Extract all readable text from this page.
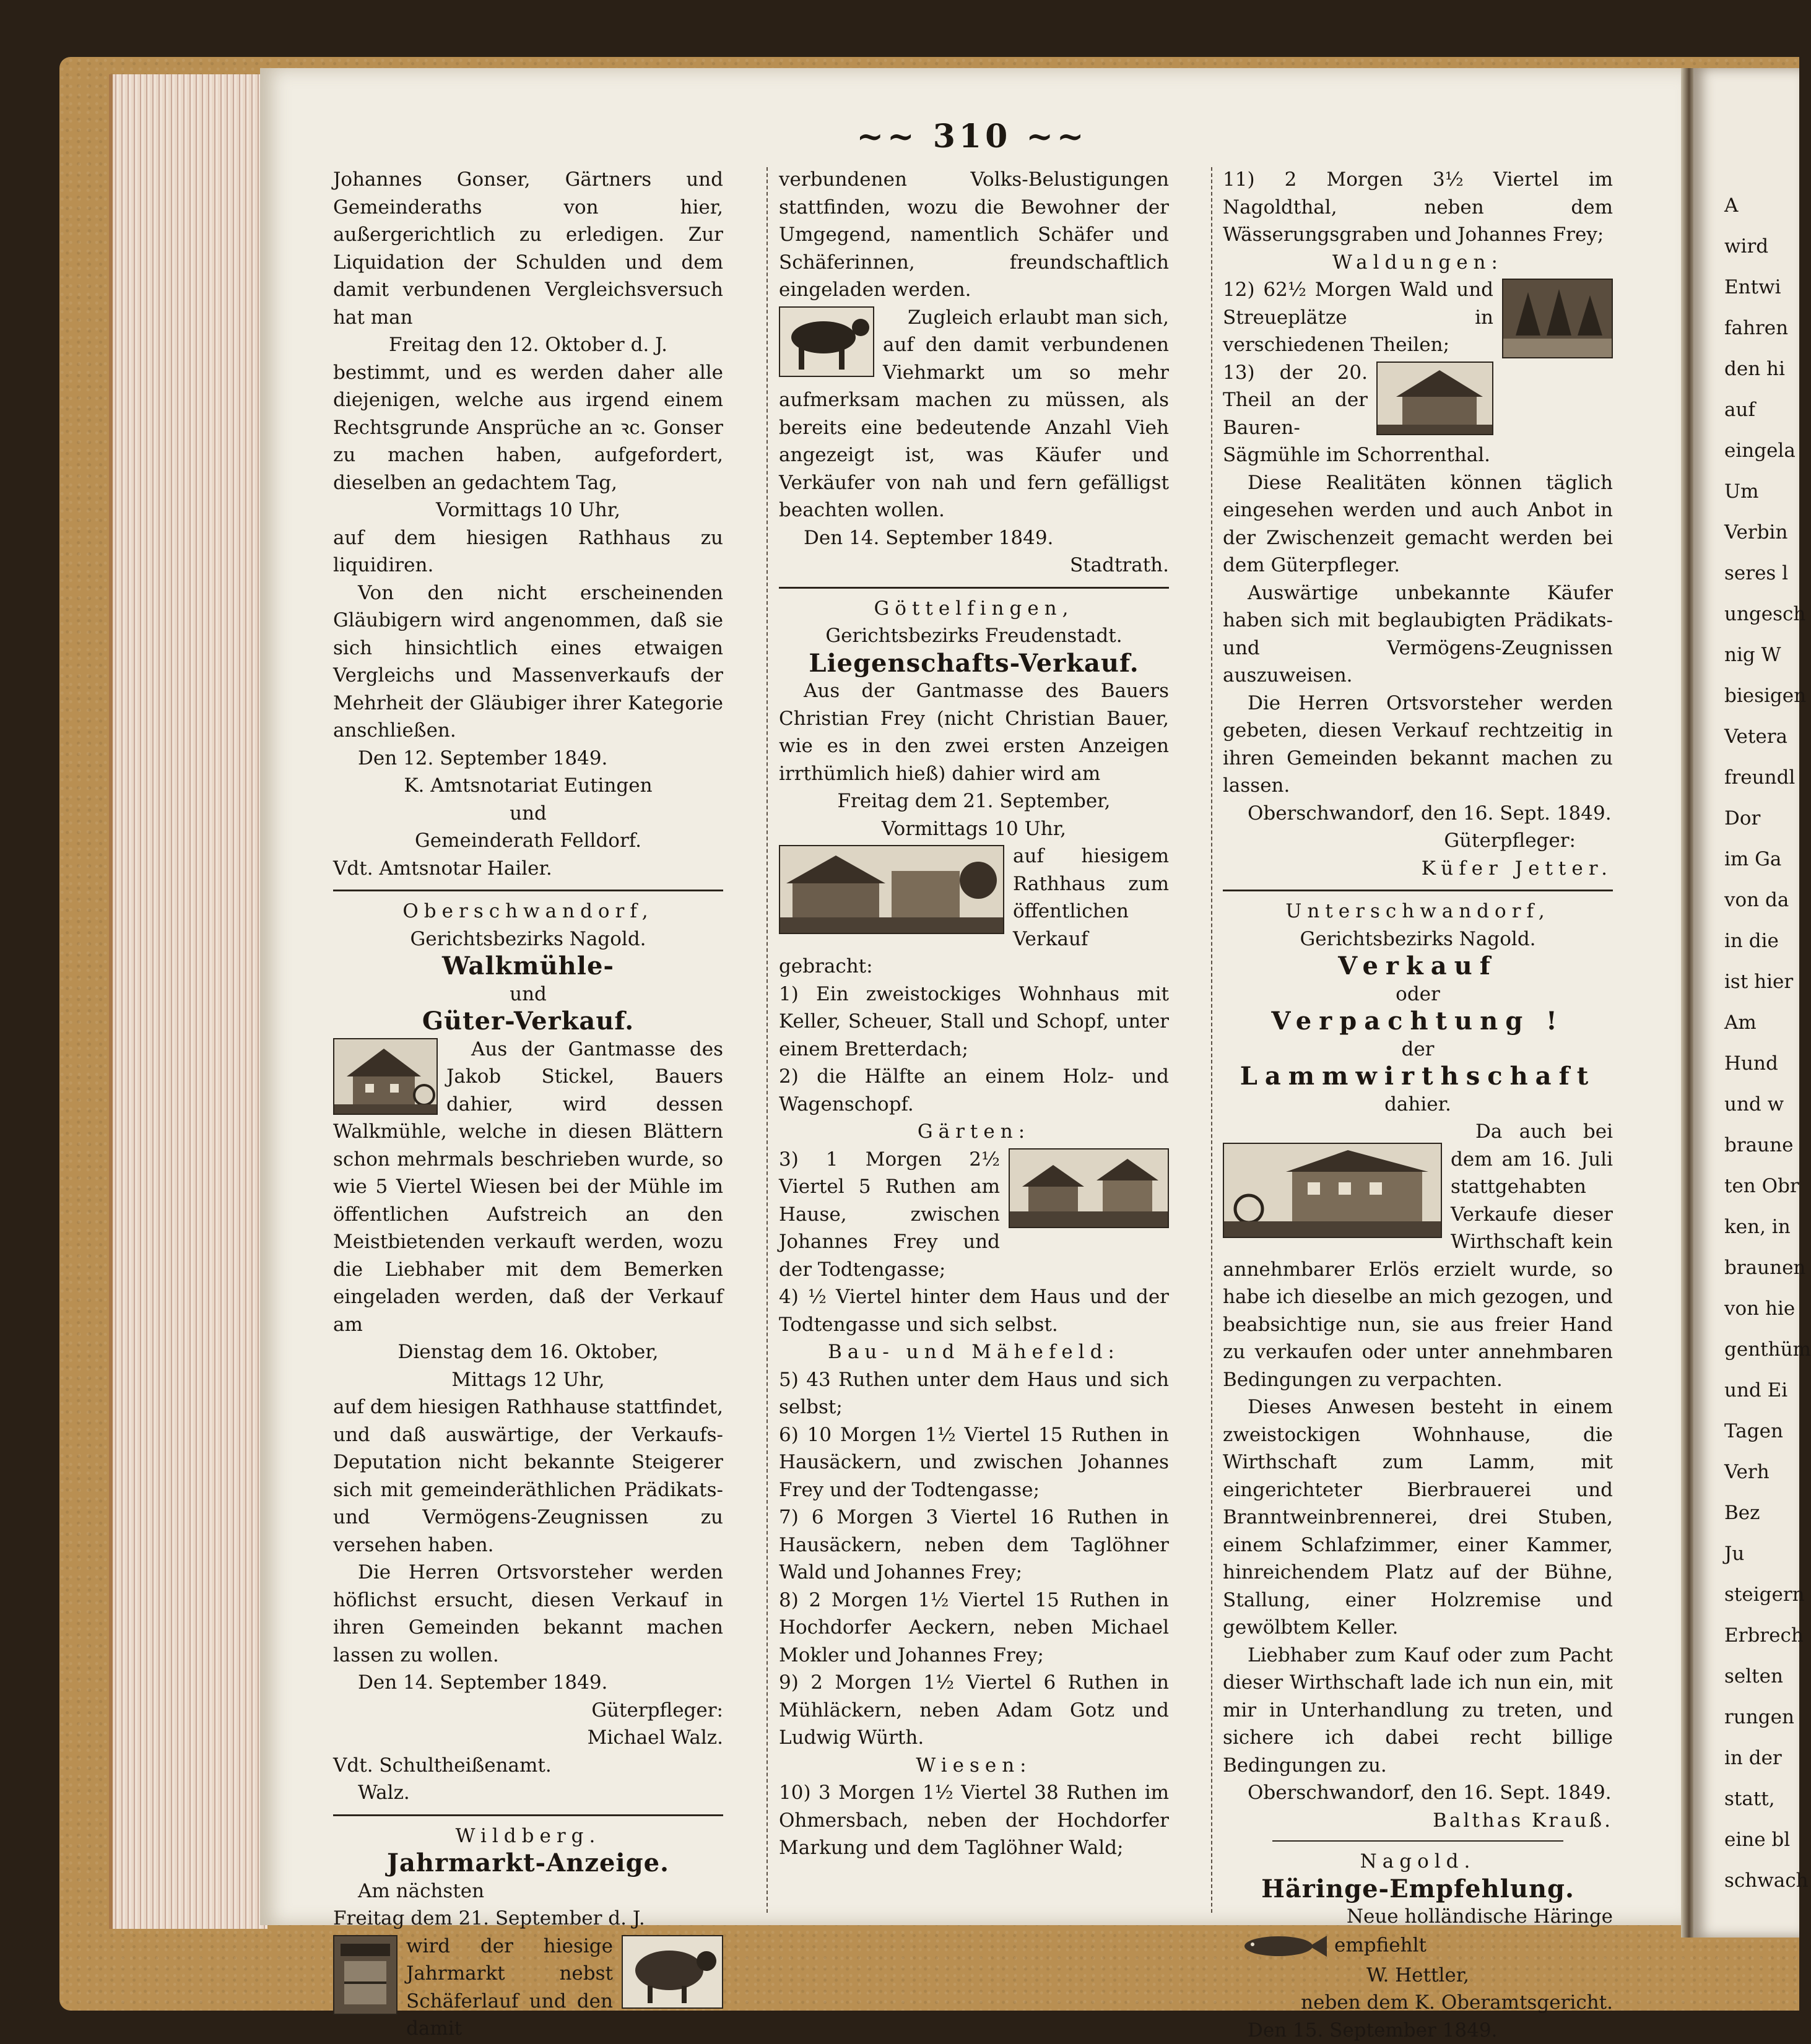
~~ 310 ~~

Johannes Gonser, Gärtners und Gemeinderaths von hier, außergerichtlich zu erledigen. Zur Liquidation der Schulden und dem damit verbundenen Vergleichsversuch hat man

Freitag den 12. Oktober d. J.

bestimmt, und es werden daher alle diejenigen, welche aus irgend einem Rechtsgrunde Ansprüche an ꝛc. Gonser zu machen haben, aufgefordert, dieselben an gedachtem Tag,

Vormittags 10 Uhr,

auf dem hiesigen Rathhaus zu liquidiren.

Von den nicht erscheinenden Gläubigern wird angenommen, daß sie sich hinsichtlich eines etwaigen Vergleichs und Massenverkaufs der Mehrheit der Gläubiger ihrer Kategorie anschließen.

Den 12. September 1849.

K. Amtsnotariat Eutingen
und
Gemeinderath Felldorf.

Vdt. Amtsnotar Hailer.

Oberschwandorf,
Gerichtsbezirks Nagold.
Walkmühle-
und
Güter-Verkauf.

Aus der Gantmasse des Jakob Stickel, Bauers dahier, wird dessen Walkmühle, welche in diesen Blättern schon mehrmals beschrieben wurde, so wie 5 Viertel Wiesen bei der Mühle im öffentlichen Aufstreich an den Meistbietenden verkauft werden, wozu die Liebhaber mit dem Bemerken eingeladen werden, daß der Verkauf am

Dienstag dem 16. Oktober,
Mittags 12 Uhr,

auf dem hiesigen Rathhause stattfindet, und daß auswärtige, der Verkaufs-Deputation nicht bekannte Steigerer sich mit gemeinderäthlichen Prädikats- und Vermögens-Zeugnissen zu versehen haben.

Die Herren Ortsvorsteher werden höflichst ersucht, diesen Verkauf in ihren Gemeinden bekannt machen lassen zu wollen.

Den 14. September 1849.

Güterpfleger:
Michael Walz.

Vdt. Schultheißenamt.

Walz.

Wildberg.
Jahrmarkt-Anzeige.

Am nächsten

Freitag dem 21. September d. J.

wird der hiesige Jahrmarkt nebst Schäferlauf und den damit

verbundenen Volks-Belustigungen stattfinden, wozu die Bewohner der Umgegend, namentlich Schäfer und Schäferinnen, freundschaftlich eingeladen werden.

Zugleich erlaubt man sich, auf den damit verbundenen Viehmarkt um so mehr aufmerksam machen zu müssen, als bereits eine bedeutende Anzahl Vieh angezeigt ist, was Käufer und Verkäufer von nah und fern gefälligst beachten wollen.

Den 14. September 1849.

Stadtrath.
Göttelfingen,
Gerichtsbezirks Freudenstadt.
Liegenschafts-Verkauf.

Aus der Gantmasse des Bauers Christian Frey (nicht Christian Bauer, wie es in den zwei ersten Anzeigen irrthümlich hieß) dahier wird am

Freitag dem 21. September,
Vormittags 10 Uhr,

auf hiesigem Rathhaus zum öffentlichen Verkauf gebracht:

1) Ein zweistockiges Wohnhaus mit Keller, Scheuer, Stall und Schopf, unter einem Bretterdach;

2) die Hälfte an einem Holz- und Wagenschopf.

Gärten:

3) 1 Morgen 2½ Viertel 5 Ruthen am Hause, zwischen Johannes Frey und der Todtengasse;

4) ½ Viertel hinter dem Haus und der Todtengasse und sich selbst.

Bau- und Mähefeld:

5) 43 Ruthen unter dem Haus und sich selbst;

6) 10 Morgen 1½ Viertel 15 Ruthen in Hausäckern, und zwischen Johannes Frey und der Todtengasse;

7) 6 Morgen 3 Viertel 16 Ruthen in Hausäckern, neben dem Taglöhner Wald und Johannes Frey;

8) 2 Morgen 1½ Viertel 15 Ruthen in Hochdorfer Aeckern, neben Michael Mokler und Johannes Frey;

9) 2 Morgen 1½ Viertel 6 Ruthen in Mühläckern, neben Adam Gotz und Ludwig Würth.

Wiesen:

10) 3 Morgen 1½ Viertel 38 Ruthen im Ohmersbach, neben der Hochdorfer Markung und dem Taglöhner Wald;

11) 2 Morgen 3½ Viertel im Nagoldthal, neben dem Wässerungsgraben und Johannes Frey;

Waldungen:

12) 62½ Morgen Wald und Streueplätze in verschiedenen Theilen;

13) der 20. Theil an der Bauren-Sägmühle im Schorrenthal.

Diese Realitäten können täglich eingesehen werden und auch Anbot in der Zwischenzeit gemacht werden bei dem Güterpfleger.

Auswärtige unbekannte Käufer haben sich mit beglaubigten Prädikats- und Vermögens-Zeugnissen auszuweisen.

Die Herren Ortsvorsteher werden gebeten, diesen Verkauf rechtzeitig in ihren Gemeinden bekannt machen zu lassen.

Oberschwandorf, den 16. Sept. 1849.

Güterpfleger:
Küfer Jetter.
Unterschwandorf,
Gerichtsbezirks Nagold.
Verkauf
oder
Verpachtung !
der
Lammwirthschaft
dahier.

Da auch bei dem am 16. Juli stattgehabten Verkaufe dieser Wirthschaft kein annehmbarer Erlös erzielt wurde, so habe ich dieselbe an mich gezogen, und beabsichtige nun, sie aus freier Hand zu verkaufen oder unter annehmbaren Bedingungen zu verpachten.

Dieses Anwesen besteht in einem zweistockigen Wohnhause, die Wirthschaft zum Lamm, mit eingerichteter Bierbrauerei und Branntweinbrennerei, drei Stuben, einem Schlafzimmer, einer Kammer, hinreichendem Platz auf der Bühne, Stallung, einer Holzremise und gewölbtem Keller.

Liebhaber zum Kauf oder zum Pacht dieser Wirthschaft lade ich nun ein, mit mir in Unterhandlung zu treten, und sichere ich dabei recht billige Bedingungen zu.

Oberschwandorf, den 16. Sept. 1849.

Balthas Krauß.
Nagold.
Häringe-Empfehlung.
Neue holländische Häringe

empfiehlt

W. Hettler,
neben dem K. Oberamtsgericht.

Den 15. September 1849.

A
wird
Entwi
fahren
den hi
auf
eingela
Um
Verbin
seres l
ungesch
nig W
biesigen
Vetera
freundl
Dor
im Ga
von da
in die
ist hier
Am
Hund
und w
braune
ten Obr
ken, in
braunen
von hie
genthüm
und Ei
Tagen
Verh
Bez
Ju
steigern
Erbrech
selten
rungen
in der
statt,
eine bl
schwach
